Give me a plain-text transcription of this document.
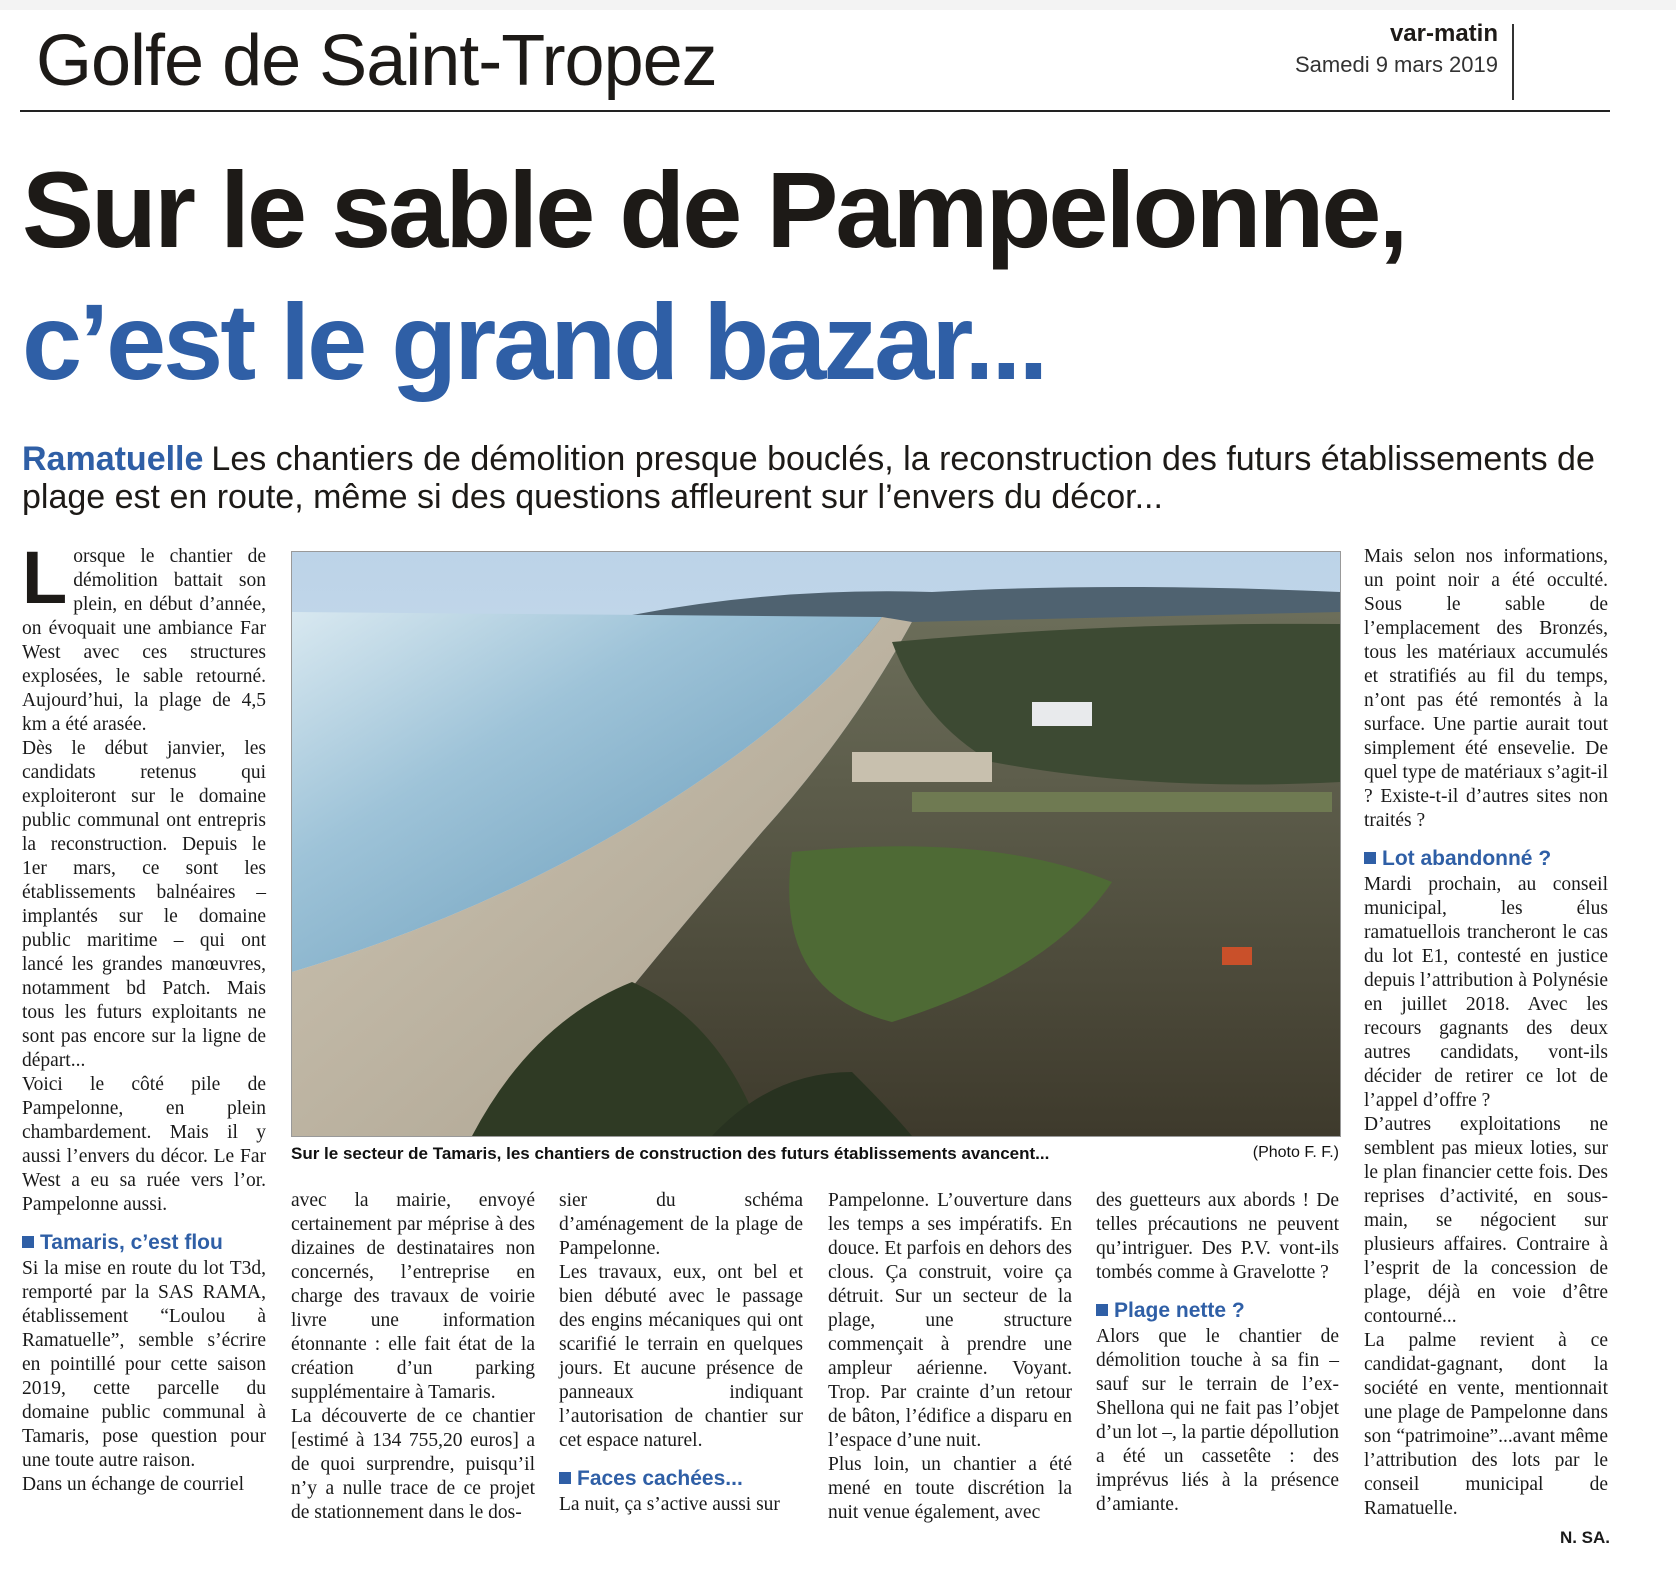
Golfe de Saint-Tropez	var-matin
Samedi 9 mars 2019
Sur le sable de Pampelonne,
c’est le grand bazar...
Ramatuelle Les chantiers de démolition presque bouclés, la reconstruction des futurs établissements de plage est en route, même si des questions affleurent sur l’envers du décor...
L orsque le chantier de démolition battait son plein, en début d’année, on évoquait une ambiance Far West avec ces structures explosées, le sable retourné. Aujourd’hui, la plage de 4,5 km a été arasée.

Dès le début janvier, les candidats retenus qui exploiteront sur le domaine public communal ont entrepris la reconstruction. Depuis le 1er mars, ce sont les établissements balnéaires – implantés sur le domaine public maritime – qui ont lancé les grandes manœuvres, notamment bd Patch. Mais tous les futurs exploitants ne sont pas encore sur la ligne de départ...

Voici le côté pile de Pampelonne, en plein chambardement. Mais il y aussi l’envers du décor. Le Far West a eu sa ruée vers l’or. Pampelonne aussi.

Tamaris, c’est flou

Si la mise en route du lot T3d, remporté par la SAS RAMA, établissement “Loulou à Ramatuelle”, semble s’écrire en pointillé pour cette saison 2019, cette parcelle du domaine public communal à Tamaris, pose question pour une toute autre raison.

Dans un échange de courriel

Sur le secteur de Tamaris, les chantiers de construction des futurs établissements avancent...	(Photo F. F.)

avec la mairie, envoyé certainement par méprise à des dizaines de destinataires non concernés, l’entreprise en charge des travaux de voirie livre une information étonnante : elle fait état de la création d’un parking supplémentaire à Tamaris.

La découverte de ce chantier [estimé à 134 755,20 euros] a de quoi surprendre, puisqu’il n’y a nulle trace de ce projet de stationnement dans le dos-

sier du schéma d’aménagement de la plage de Pampelonne.

Les travaux, eux, ont bel et bien débuté avec le passage des engins mécaniques qui ont scarifié le terrain en quelques jours. Et aucune présence de panneaux indiquant l’autorisation de chantier sur cet espace naturel.

Faces cachées...

La nuit, ça s’active aussi sur

Pampelonne. L’ouverture dans les temps a ses impératifs. En douce. Et parfois en dehors des clous. Ça construit, voire ça détruit. Sur un secteur de la plage, une structure commençait à prendre une ampleur aérienne. Voyant. Trop. Par crainte d’un retour de bâton, l’édifice a disparu en l’espace d’une nuit.

Plus loin, un chantier a été mené en toute discrétion la nuit venue également, avec

des guetteurs aux abords ! De telles précautions ne peuvent qu’intriguer. Des P.V. vont-ils tombés comme à Gravelotte ?

Plage nette ?

Alors que le chantier de démolition touche à sa fin – sauf sur le terrain de l’ex-Shellona qui ne fait pas l’objet d’un lot –, la partie dépollution a été un cassetête : des imprévus liés à la présence d’amiante.

Mais selon nos informations, un point noir a été occulté. Sous le sable de l’emplacement des Bronzés, tous les matériaux accumulés et stratifiés au fil du temps, n’ont pas été remontés à la surface. Une partie aurait tout simplement été ensevelie. De quel type de matériaux s’agit-il ? Existe-t-il d’autres sites non traités ?

Lot abandonné ?

Mardi prochain, au conseil municipal, les élus ramatuellois trancheront le cas du lot E1, contesté en justice depuis l’attribution à Polynésie en juillet 2018. Avec les recours gagnants des deux autres candidats, vont-ils décider de retirer ce lot de l’appel d’offre ?

D’autres exploitations ne semblent pas mieux loties, sur le plan financier cette fois. Des reprises d’activité, en sous-main, se négocient sur plusieurs affaires. Contraire à l’esprit de la concession de plage, déjà en voie d’être contourné...

La palme revient à ce candidat-gagnant, dont la société en vente, mentionnait une plage de Pampelonne dans son “patrimoine”...avant même l’attribution des lots par le conseil municipal de Ramatuelle.

N. SA.
